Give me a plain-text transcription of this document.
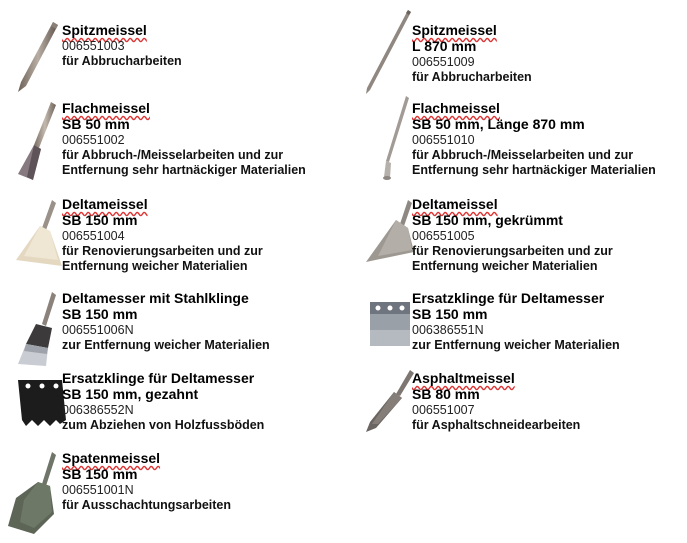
Spitzmeissel
006551003
für Abbrucharbeiten
Spitzmeissel
L 870 mm
006551009
für Abbrucharbeiten
Flachmeissel
SB 50 mm
006551002
für Abbruch-/Meisselarbeiten und zur
Entfernung sehr hartnäckiger Materialien
Flachmeissel
SB 50 mm, Länge 870 mm
006551010
für Abbruch-/Meisselarbeiten und zur
Entfernung sehr hartnäckiger Materialien
Deltameissel
SB 150 mm
006551004
für Renovierungsarbeiten und zur
Entfernung weicher Materialien
Deltameissel
SB 150 mm, gekrümmt
006551005
für Renovierungsarbeiten und zur
Entfernung weicher Materialien
Deltamesser mit Stahlklinge
SB 150 mm
006551006N
zur Entfernung weicher Materialien
Ersatzklinge für Deltamesser
SB 150 mm
006386551N
zur Entfernung weicher Materialien
Ersatzklinge für Deltamesser
SB 150 mm, gezahnt
006386552N
zum Abziehen von Holzfussböden
Asphaltmeissel
SB 80 mm
006551007
für Asphaltschneidearbeiten
Spatenmeissel
SB 150 mm
006551001N
für Ausschachtungsarbeiten
